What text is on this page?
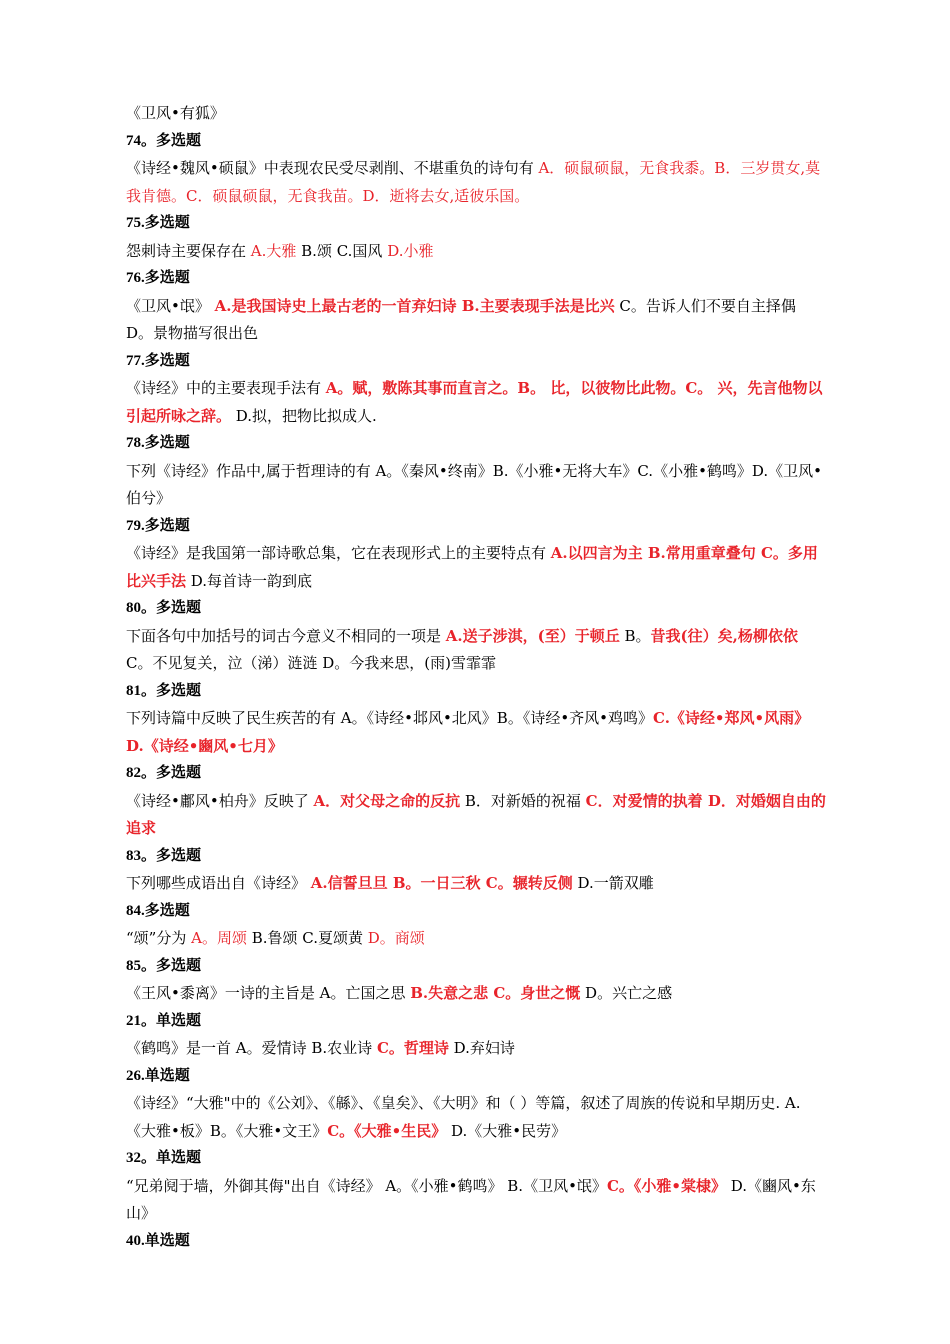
《卫风•有狐》
74。多选题
《诗经•魏风•硕鼠》中表现农民受尽剥削、不堪重负的诗句有 A．硕鼠硕鼠，无食我黍。B．三岁贯女,莫我肯德。C．硕鼠硕鼠，无食我苗。D．逝将去女,适彼乐国。
75.多选题
怨刺诗主要保存在 A.大雅 B.颂 C.国风 D.小雅
76.多选题
《卫风•氓》 A.是我国诗史上最古老的一首弃妇诗 B.主要表现手法是比兴 C。告诉人们不要自主择偶 D。景物描写很出色
77.多选题
《诗经》中的主要表现手法有 A。赋，敷陈其事而直言之。B。 比，以彼物比此物。C。 兴，先言他物以引起所咏之辞。 D.拟，把物比拟成人.
78.多选题
下列《诗经》作品中,属于哲理诗的有 A。《秦风•终南》B.《小雅•无将大车》C.《小雅•鹤鸣》D.《卫风•伯兮》
79.多选题
《诗经》是我国第一部诗歌总集，它在表现形式上的主要特点有 A.以四言为主 B.常用重章叠句 C。多用比兴手法 D.每首诗一韵到底
80。多选题
下面各句中加括号的词古今意义不相同的一项是 A.送子涉淇，(至）于顿丘 B。昔我(往）矣,杨柳依依 C。不见复关，泣（涕）涟涟 D。今我来思，(雨)雪霏霏
81。多选题
下列诗篇中反映了民生疾苦的有 A。《诗经•邶风•北风》B。《诗经•齐风•鸡鸣》C.《诗经•郑风•风雨》D.《诗经•豳风•七月》
82。多选题
《诗经•鄘风•柏舟》反映了 A．对父母之命的反抗 B．对新婚的祝福 C．对爱情的执着 D．对婚姻自由的追求
83。多选题
下列哪些成语出自《诗经》 A.信誓旦旦 B。一日三秋 C。辗转反侧 D.一箭双雕
84.多选题
“颂”分为 A。周颂 B.鲁颂 C.夏颂黄 D。商颂
85。多选题
《王风•黍离》一诗的主旨是 A。亡国之思 B.失意之悲 C。身世之慨 D。兴亡之感
21。单选题
《鹤鸣》是一首 A。爱情诗 B.农业诗 C。哲理诗 D.弃妇诗
26.单选题
《诗经》“大雅"中的《公刘》、《緜》、《皇矣》、《大明》和（ ）等篇，叙述了周族的传说和早期历史. A.《大雅•板》B。《大雅•文王》C。《大雅•生民》 D.《大雅•民劳》
32。单选题
“兄弟阋于墙，外御其侮"出自《诗经》 A。《小雅•鹤鸣》 B.《卫风•氓》C。《小雅•棠棣》 D.《豳风•东山》
40.单选题
